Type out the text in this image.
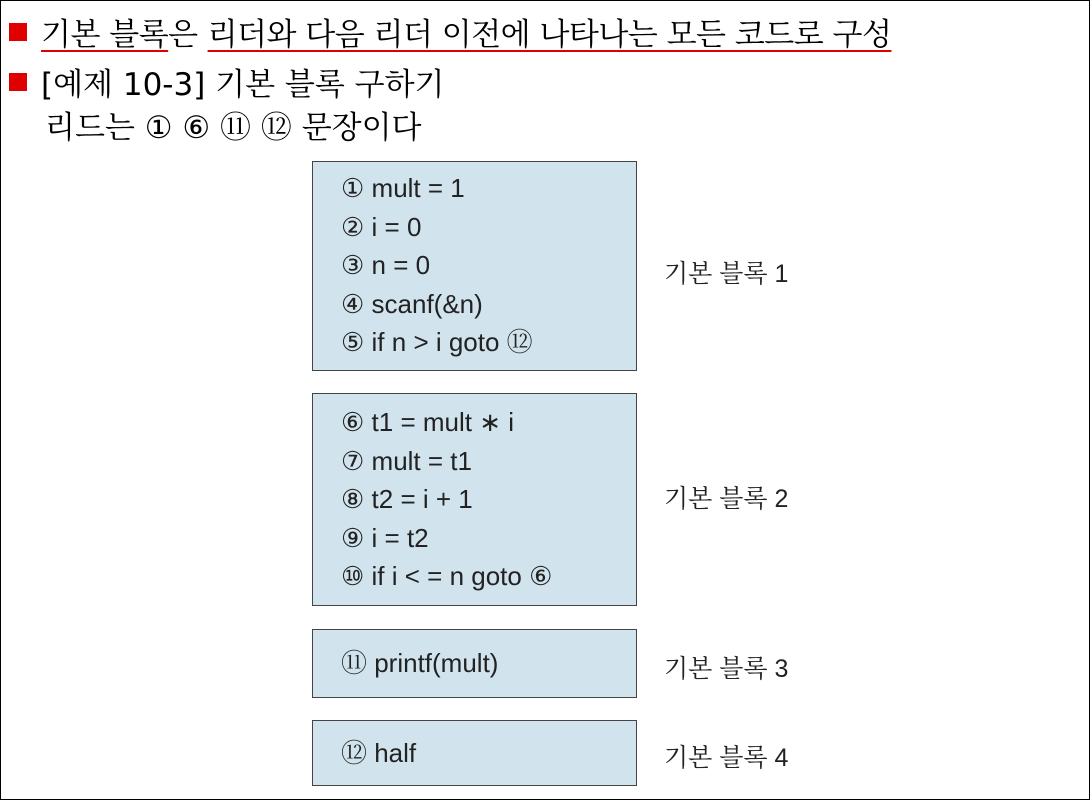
기본 블록 은 리더와 다음 리더 이전에 나타나는 모든 코드로 구성
[예제 10-3] 기본 블록 구하기
리드는 ① ⑥ ⑪ ⑫ 문장이다
① mult = 1
② i = 0
③ n = 0
④ scanf(&n)
⑤ if n > i goto ⑫
기본 블록 1
⑥ t1 = mult ∗ i
⑦ mult = t1
⑧ t2 = i + 1
⑨ i = t2
⑩ if i < = n goto ⑥
기본 블록 2
⑪ printf(mult)	기본 블록 3
⑫ half	기본 블록 4
